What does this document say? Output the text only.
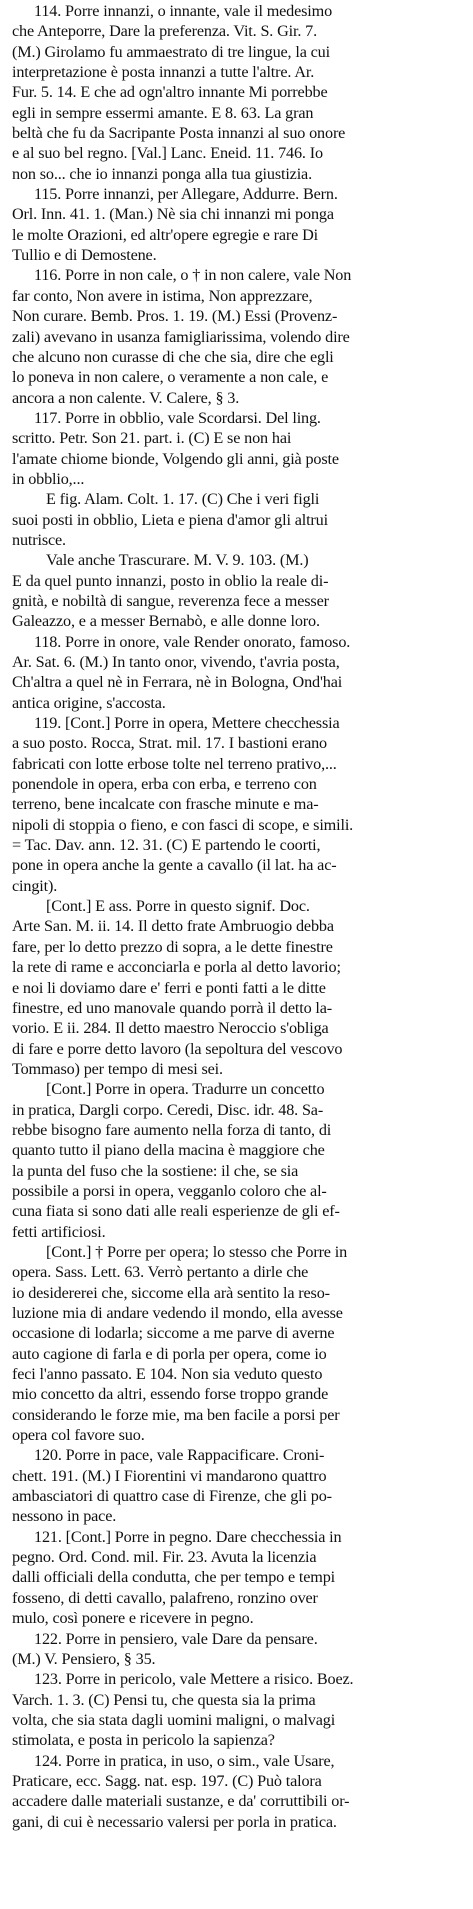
114. Porre innanzi, o innante, vale il medesimo
che Anteporre, Dare la preferenza. Vit. S. Gir. 7.
(M.) Girolamo fu ammaestrato di tre lingue, la cui
interpretazione è posta innanzi a tutte l'altre. Ar.
Fur. 5. 14. E che ad ogn'altro innante Mi porrebbe
egli in sempre essermi amante. E 8. 63. La gran
beltà che fu da Sacripante Posta innanzi al suo onore
e al suo bel regno. [Val.] Lanc. Eneid. 11. 746. Io
non so... che io innanzi ponga alla tua giustizia.

115. Porre innanzi, per Allegare, Addurre. Bern.
Orl. Inn. 41. 1. (Man.) Nè sia chi innanzi mi ponga
le molte Orazioni, ed altr'opere egregie e rare Di
Tullio e di Demostene.

116. Porre in non cale, o † in non calere, vale Non
far conto, Non avere in istima, Non apprezzare,
Non curare. Bemb. Pros. 1. 19. (M.) Essi (Provenz-
zali) avevano in usanza famigliarissima, volendo dire
che alcuno non curasse di che che sia, dire che egli
lo poneva in non calere, o veramente a non cale, e
ancora a non calente. V. Calere, § 3.

117. Porre in obblio, vale Scordarsi. Del ling.
scritto. Petr. Son 21. part. i. (C) E se non hai
l'amate chiome bionde, Volgendo gli anni, già poste
in obblio,...

E fig. Alam. Colt. 1. 17. (C) Che i veri figli
suoi posti in obblio, Lieta e piena d'amor gli altrui
nutrisce.

Vale anche Trascurare. M. V. 9. 103. (M.)
E da quel punto innanzi, posto in oblio la reale di-
gnità, e nobiltà di sangue, reverenza fece a messer
Galeazzo, e a messer Bernabò, e alle donne loro.

118. Porre in onore, vale Render onorato, famoso.
Ar. Sat. 6. (M.) In tanto onor, vivendo, t'avria posta,
Ch'altra a quel nè in Ferrara, nè in Bologna, Ond'hai
antica origine, s'accosta.

119. [Cont.] Porre in opera, Mettere checchessia
a suo posto. Rocca, Strat. mil. 17. I bastioni erano
fabricati con lotte erbose tolte nel terreno prativo,...
ponendole in opera, erba con erba, e terreno con
terreno, bene incalcate con frasche minute e ma-
nipoli di stoppia o fieno, e con fasci di scope, e simili.
= Tac. Dav. ann. 12. 31. (C) E partendo le coorti,
pone in opera anche la gente a cavallo (il lat. ha ac-
cingit).

[Cont.] E ass. Porre in questo signif. Doc.
Arte San. M. ii. 14. Il detto frate Ambruogio debba
fare, per lo detto prezzo di sopra, a le dette finestre
la rete di rame e acconciarla e porla al detto lavorio;
e noi li doviamo dare e' ferri e ponti fatti a le ditte
finestre, ed uno manovale quando porrà il detto la-
vorio. E ii. 284. Il detto maestro Neroccio s'obliga
di fare e porre detto lavoro (la sepoltura del vescovo
Tommaso) per tempo di mesi sei.

[Cont.] Porre in opera. Tradurre un concetto
in pratica, Dargli corpo. Ceredi, Disc. idr. 48. Sa-
rebbe bisogno fare aumento nella forza di tanto, di
quanto tutto il piano della macina è maggiore che
la punta del fuso che la sostiene: il che, se sia
possibile a porsi in opera, vegganlo coloro che al-
cuna fiata si sono dati alle reali esperienze de gli ef-
fetti artificiosi.

[Cont.] † Porre per opera; lo stesso che Porre in
opera. Sass. Lett. 63. Verrò pertanto a dirle che
io desidererei che, siccome ella arà sentito la reso-
luzione mia di andare vedendo il mondo, ella avesse
occasione di lodarla; siccome a me parve di averne
auto cagione di farla e di porla per opera, come io
feci l'anno passato. E 104. Non sia veduto questo
mio concetto da altri, essendo forse troppo grande
considerando le forze mie, ma ben facile a porsi per
opera col favore suo.

120. Porre in pace, vale Rappacificare. Croni-
chett. 191. (M.) I Fiorentini vi mandarono quattro
ambasciatori di quattro case di Firenze, che gli po-
nessono in pace.

121. [Cont.] Porre in pegno. Dare checchessia in
pegno. Ord. Cond. mil. Fir. 23. Avuta la licenzia
dalli officiali della condutta, che per tempo e tempi
fosseno, di detti cavallo, palafreno, ronzino over
mulo, così ponere e ricevere in pegno.

122. Porre in pensiero, vale Dare da pensare.
(M.) V. Pensiero, § 35.

123. Porre in pericolo, vale Mettere a risico. Boez.
Varch. 1. 3. (C) Pensi tu, che questa sia la prima
volta, che sia stata dagli uomini maligni, o malvagi
stimolata, e posta in pericolo la sapienza?

124. Porre in pratica, in uso, o sim., vale Usare,
Praticare, ecc. Sagg. nat. esp. 197. (C) Può talora
accadere dalle materiali sustanze, e da' corruttibili or-
gani, di cui è necessario valersi per porla in pratica.
